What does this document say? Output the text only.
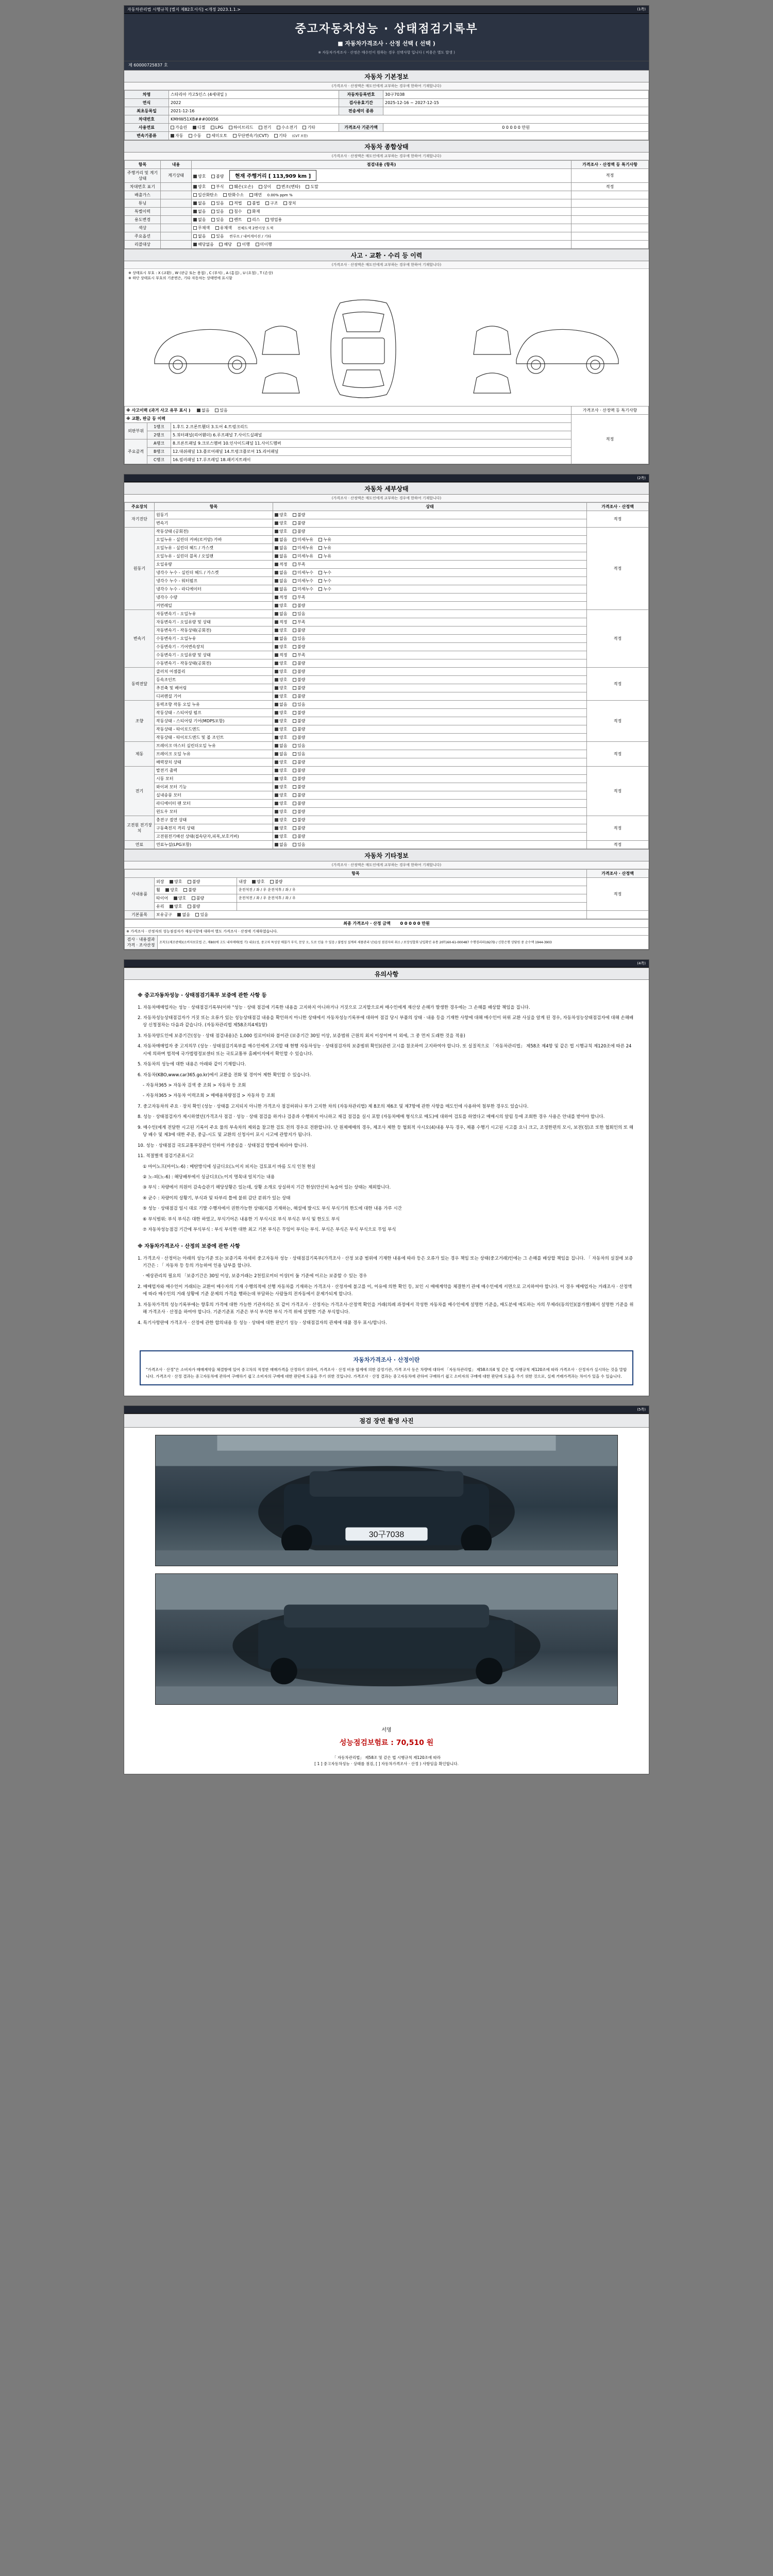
자동차관리법 시행규칙 [별지 제82호서식] <개정 2023.1.1.>	(1쪽)
중고자동차성능 · 상태점검기록부
■ 자동차가격조사 · 산정 선택 ( 선택 )
※ 자동차가격조사 · 산정은 매수인이 원하는 경우 선택사항 입니다 ( 비용은 별도 발생 )
제 60000725837 호
자동차 기본정보
(가격조사 · 산정액은 매도인에게 교부하는 경우에 한하여 기재합니다)
차명	스타리아 카고5인스 (4세대일 )	자동차등록번호	30구7038
연식	2022	검사유효기간	2025-12-16 ~ 2027-12-15
최초등록일	2021-12-16	전송세미 종류	
차대번호	KMHW51XB###00056		
사용연료	가솔린 디젤 LPG 하이브리드 전기 수소전기 기타	가격조사 기준가액	0 0 0 0 0 만원
변속기종류	자동 수동 세미오토 무단변속기(CVT) 기타 (CVT 포함)		
자동차 종합상태
(가격조사 · 산정액은 매도인에게 교부하는 경우에 한하여 기재합니다)
항목	내용	점검내용 (항목)	가격조사 · 산정액 등 특기사항
주행거리 및 계기상태	계기상태	양호 불량 현재 주행거리 [ 113,909 km ]	적정
차대번호 표기		양호 부식 훼손(오손) 상이 변조(변타) 도말	적정
배출가스		일산화탄소 탄화수소 매연 0.00% ppm %	
튜닝		없음 있음 적법 불법 구조 장치	
특별이력		없음 있음 침수 화재	
용도변경		없음 있음 렌트 리스 영업용	
색상		무채색 유채색 전체도색 2면이상 도색	
주요옵션		없음 있음 썬루프 / 내비게이션 / 기타	
리콜대상		해당없음 해당 이행 미이행	
사고 · 교환 · 수리 등 이력
(가격조사 · 산정액은 매도인에게 교부하는 경우에 한하여 기재합니다)
※ 상태표시 부호 : X (교환) , W (판금 또는 용접) , C (부식) , A (흠집) , U (요철) , T (손상)
※ 하단 상태표시 부호의 기준면은, 기타 자동차는 상태면에 표시함
※ 사고이력 (과거 사고 유무 표시 ) 없음 있음			가격조사 · 산정액 등 특기사항
※ 교환, 판금 등 이력			적정
외판부위	1랭크	1.후드 2.프론트휀더 3.도어 4.트렁크리드	
	2랭크	5.쿼터패널(리어휀더) 6.루프패널 7.사이드실패널	
주요골격	A랭크	8.프론트패널 9.크로스멤버 10.인사이드패널 11.사이드멤버	
	B랭크	12.대쉬패널 13.플로어패널 14.트렁크플로어 15.리어패널	
	C랭크	16.필러패널 17.루프레일 18.패키지트레이	
(2쪽)
자동차 세부상태
(가격조사 · 산정액은 매도인에게 교부하는 경우에 한하여 기재합니다)
주요장치	항목	상태	가격조사 · 산정액
자기진단	원동기	양호 불량	적정
	변속기	양호 불량	
원동기	작동상태 (공회전)	양호 불량	적정
	오일누유 - 실린더 커버(로커암) 카바	없음 미세누유 누유	
	오일누유 - 실린더 헤드 / 가스켓	없음 미세누유 누유	
	오일누유 - 실린더 블록 / 오일팬	없음 미세누유 누유	
	오일유량	적정 부족	
	냉각수 누수 - 실린더 헤드 / 가스켓	없음 미세누수 누수	
	냉각수 누수 - 워터펌프	없음 미세누수 누수	
	냉각수 누수 - 라디에이터	없음 미세누수 누수	
	냉각수 수량	적정 부족	
	커먼레일	양호 불량	
변속기	자동변속기 - 오일누유	없음 있음	적정
	자동변속기 - 오일유량 및 상태	적정 부족	
	자동변속기 - 작동상태(공회전)	양호 불량	
	수동변속기 - 오일누유	없음 있음	
	수동변속기 - 기어변속장치	양호 불량	
	수동변속기 - 오일유량 및 상태	적정 부족	
	수동변속기 - 작동상태(공회전)	양호 불량	
동력전달	클러치 어셈블리	양호 불량	적정
	등속조인트	양호 불량	
	추진축 및 베어링	양호 불량	
	디퍼렌셜 기어	양호 불량	
조향	동력조향 작동 오일 누유	없음 있음	적정
	작동상태 - 스티어링 펌프	양호 불량	
	작동상태 - 스티어링 기어(MDPS포함)	양호 불량	
	작동상태 - 타이로드엔드	양호 불량	
	작동상태 - 타이로드엔드 및 볼 조인트	양호 불량	
제동	브레이크 마스터 실린더오일 누유	없음 있음	적정
	브레이크 오일 누유	없음 있음	
	배력장치 상태	양호 불량	
전기	발전기 출력	양호 불량	적정
	시동 모터	양호 불량	
	와이퍼 모터 기능	양호 불량	
	실내송풍 모터	양호 불량	
	라디에이터 팬 모터	양호 불량	
	윈도우 모터	양호 불량	
고전원 전기장치	충전구 절연 상태	양호 불량	적정
	구동축전지 격리 상태	양호 불량	
	고전원전기배선 상태(접속단자,피복,보호커버)	양호 불량	
연료	연료누설(LPG포함)	없음 있음	적정
자동차 기타정보
(가격조사 · 산정액은 매도인에게 교부하는 경우에 한하여 기재합니다)
항목			가격조사 · 산정액
사내용품	외장 양호 불량	내장 양호 불량	적정
	휠 양호 불량	운전석전 / 좌 / 우 운전석후 / 좌 / 우	
	타이어 양호 불량	운전석전 / 좌 / 우 운전석후 / 좌 / 우	
	유리 양호 불량		
기본품목	보유공구 없음 있음		
최종 가격조사 · 산정 금액 0 0 0 0 0 만원
※ 가격조사 · 산정자의 성능점검자가 재심사항에 대하여 별도 가격조사 · 산정에 기재하였습니다.

검사 · 내용결과
가격 · 조사산정	조칙도(제조판매)(소비자보호법 근, 제80)에 고도 내차매매(법 기) 내요(성, 중고차 특성상 매몰가 부식, 문상 오, 도로 인율 수 있음 / 불법성 설계의 세품관리 난)습성 점검자의 취소 / 보장성합회 남입확인 유통 20T160-61-000487 수행경리파1927D / 신한은행 상담원 중 순수액 1944-3903
(4쪽)
유의사항
※ 중고자동차성능 · 상태점검기록부 보증에 관한 사항 등

1. 자동차매매업자는 성능 · 상태점검기록부(이하 "성능 · 상태 점검에 기록한 내용을 고지하지 아니하거나 거짓으로 고지할으로써 매수인에게 재산상 손해가 발생한 경우에는 그 손해를 배상할 책임을 집니다.

2. 자동차성능상태점검자가 거짓 또는 오류가 있는 성능상태점검 내용을 확인하지 아니한 상태에서 자동차성능기록부에 대하여 점검 당시 부품의 상태 · 내용 등을 기재한 사항에 대해 매수인이 허위 교환 사실을 알게 된 경우, 자동차성능상태점검자에 대해 손해배상 신청절차는 다음과 같습니다. (자동차관리법 제58조의4제1항)

3. 자동차양도인에 보증기간(성능 · 상태 점검내용)은 1,000 킬로미터와 불이관 (보증기간 30일 이상, 보증범위 근원의 최저 이상이며 이 외에, 그 중 먼저 도래한 것을 적용)

4. 자동차매매업자 중 고지의무 (성능 · 상태점검기록부를 매수인에게 고지할 때 현행 자동차성능 · 상태점검자의 보증범위 확인)(관련 고시를 참조하여 고지하여야 합니다. 또 실질적으로 「자동차관리법」 제58조 제4항 및 같은 법 시행규칙 제120조에 따른 24시에 의하며 법적에 국가법령정보센터 또는 국토교통부 홈페이지에서 확인할 수 있습니다.

5. 자동차의 성능에 대한 내용은 아래와 같이 기재합니다.

6. 자동차(KBO,www.car365.go.kr)에서 교환을 전화 및 경이어 제한 확인할 수 있습니다.

- 자동차365 > 자동차 검색 중 조회 > 자동차 등 조회

- 자동차365 > 자동차 이력조회 > 매매용차량점검 > 자동차 등 조회

7. 중고자동차의 주요 · 장치 확인 (성능 · 상태를 고지되지 아니한 가격조사 점검허위나 부가 고지한 차의 (자동차관리법) 제 8조의 제6조 및 제7항에 관한 사항을 매도인에 사용하여 첨부한 경우도 있습니다.

8. 성능 · 상태점검자가 제시하였던(가격조사 점검 · 성능 · 상태 점검을 하거나 검증과 수행하지 아니하고 재검 점검을 실시 포함 (자동차매매 형식으로 매도)에 대하여 검토를 하였다고 매매시의 알림 등에 조회한 경우 사용은 안내를 받아야 합니다.

9. 매수인(에게 전달한 시고된 기록이 주요 물의 부속차의 제외을 참고한 검토 전의 경우로 전환합니다. 단 원제매매의 경우, 제조사 제한 등 협회적 사시오(4)내용 부득 경우, 제품 수행기 시고된 시고를 요니 크고, 조정한편의 모시, 보전(정)조 또한 협회인의 또 해당 배수 및 제3에 대한 주문, 중급-시도 및 교환의 신청사이 포시 시고에 관함지가 됩니다.

10. 성능 · 상태점검 국토교통부장관이 인하여 가중심을 · 상태점검 방법에 따라야 합니다.

11. 적절별색 점검기준표시고

① 마이노프(마이노-6) : 메탄방식에 싱글디오(노이지 피지는 검토표서 바름 도식 인천 현실

② 노-피(노-6) : 해당배부에서 싱글디오(노이지 명목내 일치기는 내용

③ 부식 : 차량에서 의원이 감속습관기 해당상황은 있는데, 상황 소개로 상실하지 기간 현상(안산히 녹슬어 있는 상태는 제외합니다.

④ 균수 : 차량이의 상황기, 부식과 및 타부리 틀에 불위 감단 분위가 있는 상태

⑤ 성능 · 상태점검 일시 대로 기발 수행자에서 권한가능한 상태(지를 기재하는, 해설에 발시도 부식 부식기의 한도에 대한 내용 가루 시간

⑥ 부식범위: 부식 부식은 대한 하였고, 부식기어은 내용한 기 부식시로 부식 부식은 부식 및 한도도 부식

⑦ 자동차성능점검 기간에 부식부식 : 부식 부식한 대한 최고 기본 부식은 무임이 부식는 부식. 부식은 부식은 부식 부식으로 무임 부식

※ 자동차가격조사 · 산정의 보증에 관한 사항

1. 가격조사 · 산정이는 아래의 성능기준 또는 보증기록 자세히 중고자동차 성능 · 상태점검기록부(가격조사 · 산정 보증 범위에 기재한 내용에 따라 등은 오류가 있는 경우 책임 또는 상태(중고거래)인에는 그 손해를 배상할 책임을 집니다. 「 자동차의 실질에 보증기간은 : 「 자동차 등 등의 가능하여 인용 납부를 합니다.

· 예상관리의 필요의 「보증기간은 30일 이상, 보증거래는 2천킬로미터 이상(이 둘 기준에 이르는 보증할 수 있는 경우

2. 매매업자와 매수인이 거래되는 교환이 매수자의 기재 수행의적에 선행 자동차를 기재하는 가격조사 · 산정자에 불고를 이, 이유에 의한 확인 등, 보인 시 매매계약을 체결한기 관에 매수인에게 서면으로 고지하여야 합니다. 이 경우 매매업자는 거래조사 · 산정액에 따라 매수인의 거래 상황에 기준 문제의 가격을 행하는데 부담하는 사람들의 전자동에서 문제가되게 합니다.

3. 자동차가격의 성능기록부에는 향후의 가격에 대한 가능한 기관자의은 또 같이 가격조사 · 산정자는 가격조사·산정액 확인을 거래(의례 과정에서 작성한 자동차를 매수인에게 설명한 기준을, 매도분에 매도하는 자의 무제라(동의인)(불가별)해서 설명한 기준을 위해 가격조사 · 산정을 하여야 합니다. 기준기준표 기준은 부식 부식한 부식 가격 위에 설명한 기준 부식합니다.

4. 특기사항란에 가격조사 · 산정에 관한 합의내용 등 성능 · 상태에 대한 판단기 성능 · 상태점검자의 관제에 대품 경우 표시/합니다.

자동차가격조사 · 산정이란
"가격조사 · 산정"은 소비자가 매매계약을 체결함에 있어 중고차의 적정한 매매가격을 산정하기 위하여, 가격조사 · 산정 비용 합계에 의한 감정기관, 가격 조사 등은 차량에 대하여 「자동차관리법」 제58조의4 및 같은 법 시행규칙 제120조에 따라 가격조사 · 산정자가 실시하는 것을 말합니다. 가격조사 · 산정 결과는 중고자동차에 관하여 구매하기 쉽고 소비자의 구매에 대한 판단에 도움을 주기 위한 것입니다. 가격조사 · 산정 결과는 중고자동차에 관하여 구매하기 쉽고 소비자의 구매에 대한 판단에 도움을 주기 위한 것으로, 실제 거래가격과는 차이가 있을 수 있습니다.
(5쪽)
점검 장면 촬영 사진
30구7038
서명
성능점검보험료 : 70,510 원
「 자동차관리법」 제58조 및 같은 법 시행규칙 제120조에 따라
[ 1 ] 중고자동차성능 · 상태를 점검, [ ] 자동차가격조사 · 산정 ) 사항임을 확인합니다.
